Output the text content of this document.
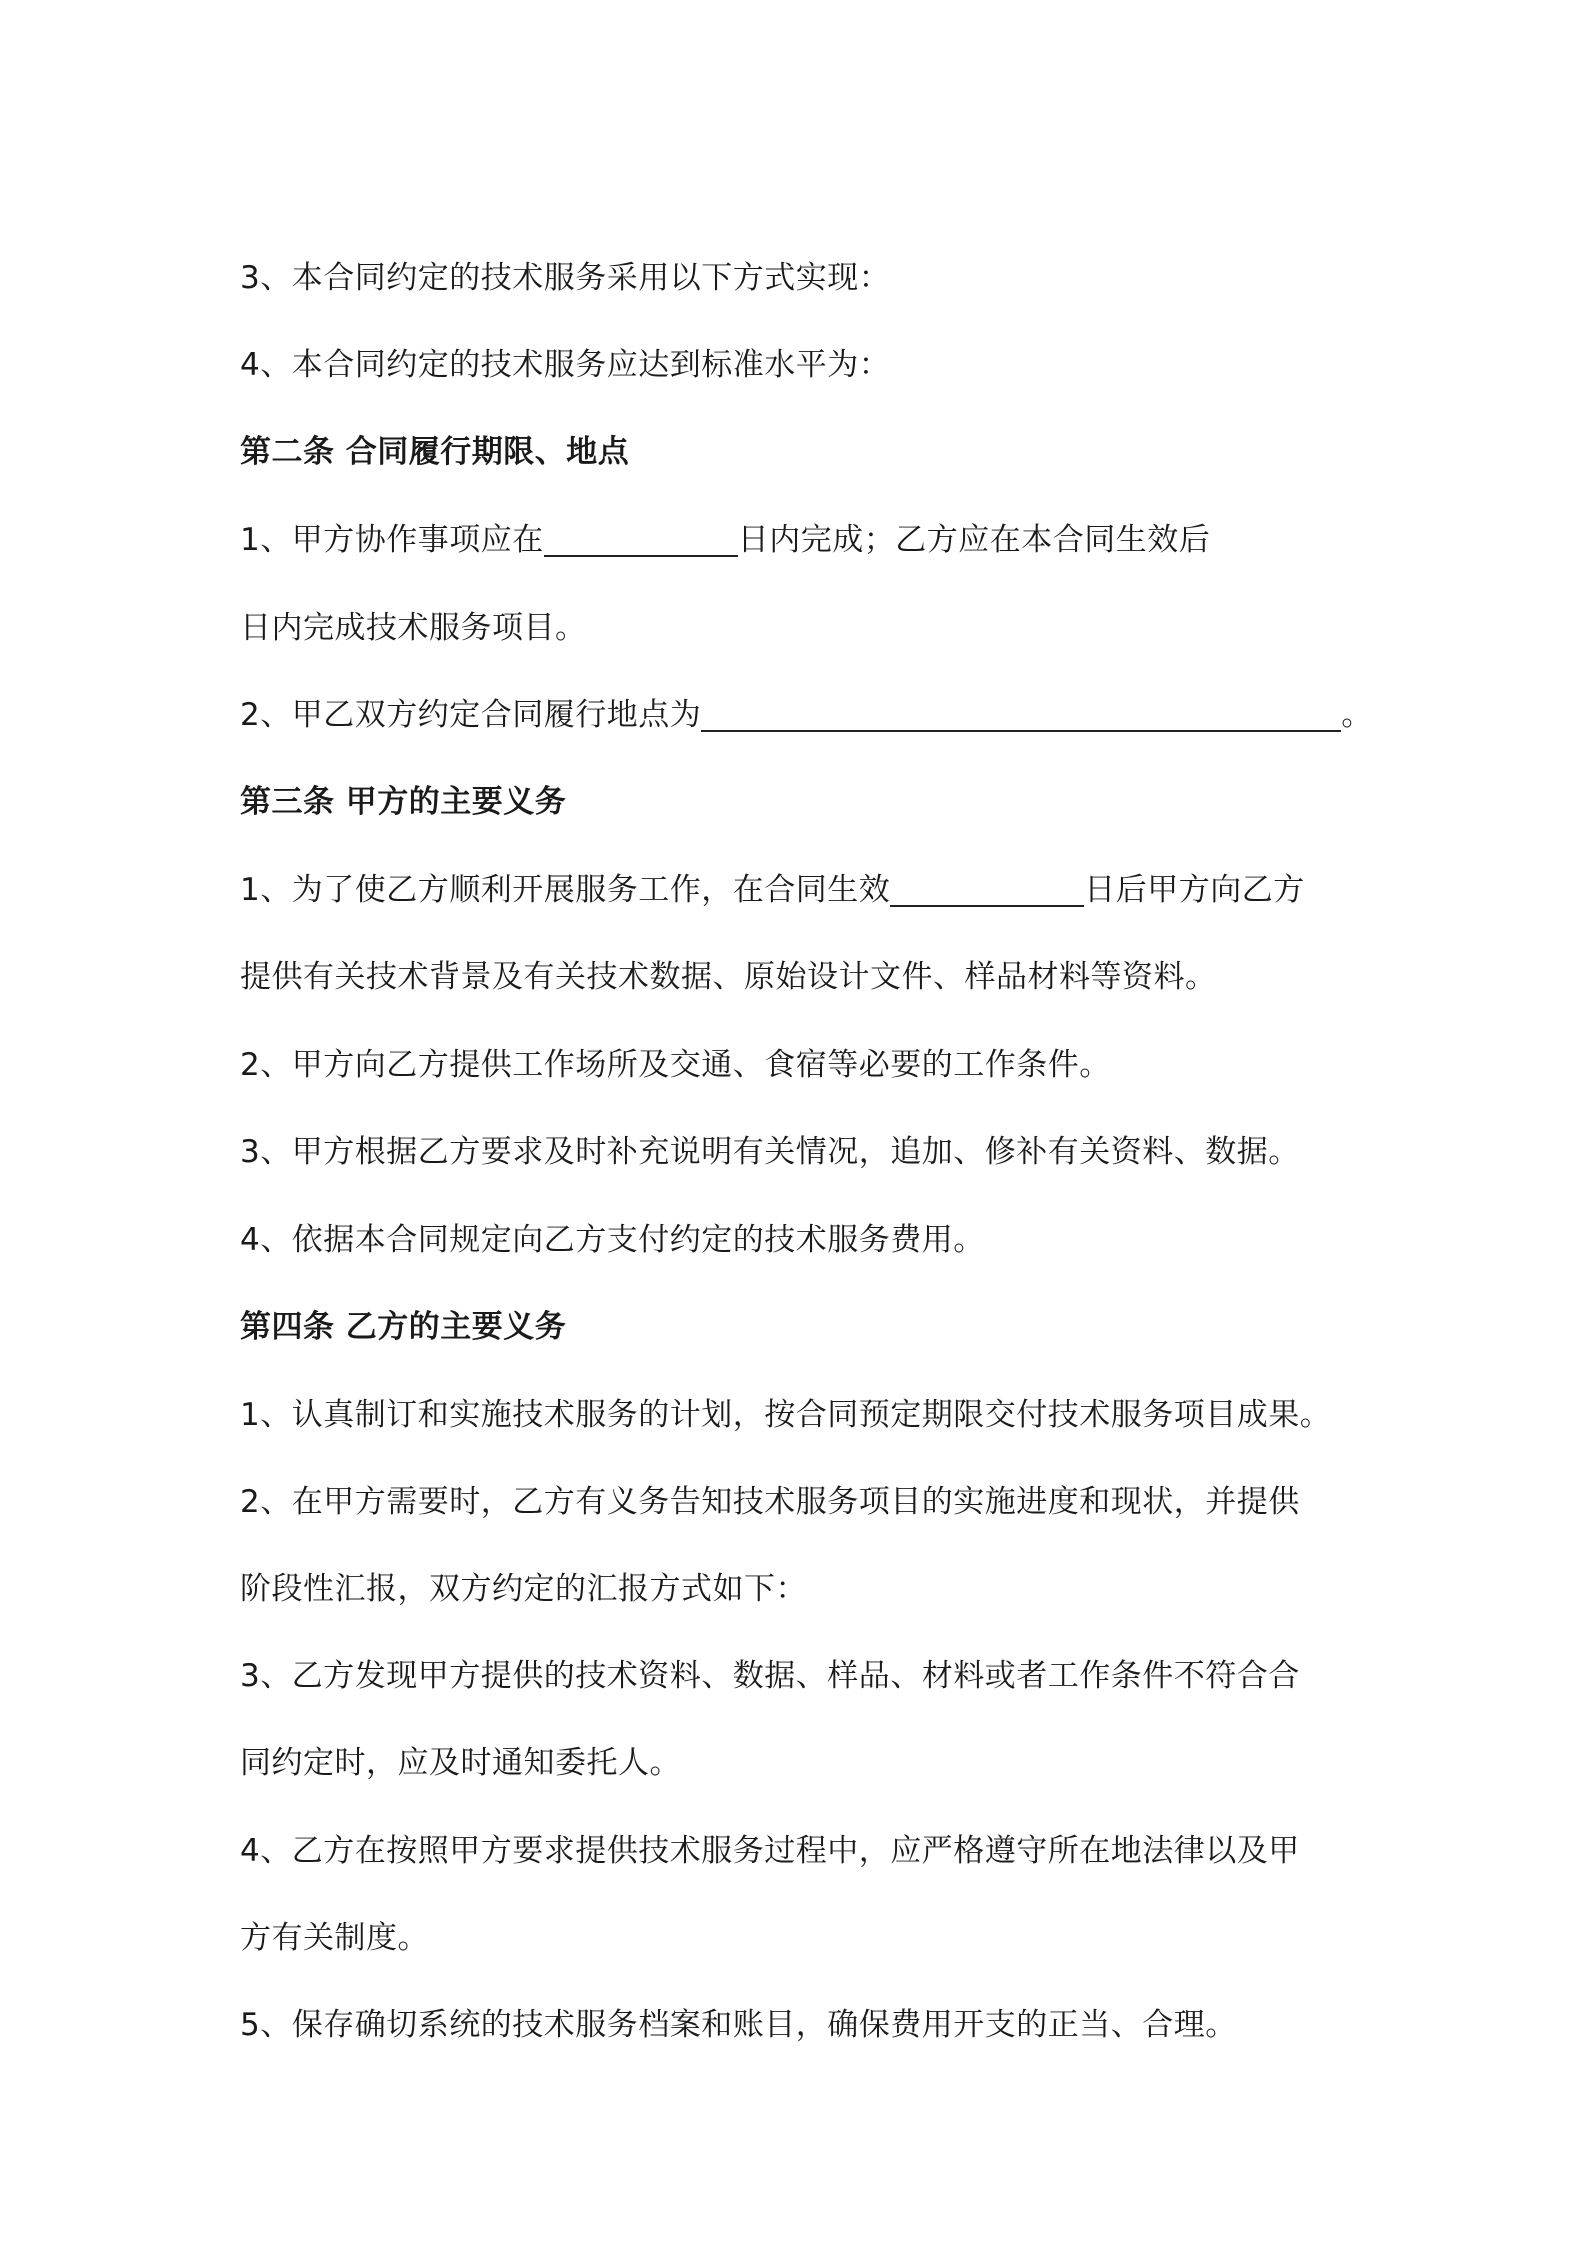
3、本合同约定的技术服务采用以下方式实现：
4、本合同约定的技术服务应达到标准水平为：
第二条 合同履行期限、地点
1、甲方协作事项应在	日内完成；乙方应在本合同生效后
日内完成技术服务项目。
2、甲乙双方约定合同履行地点为	。
第三条 甲方的主要义务
1、为了使乙方顺利开展服务工作，在合同生效	日后甲方向乙方
提供有关技术背景及有关技术数据、原始设计文件、样品材料等资料。
2、甲方向乙方提供工作场所及交通、食宿等必要的工作条件。
3、甲方根据乙方要求及时补充说明有关情况，追加、修补有关资料、数据。
4、依据本合同规定向乙方支付约定的技术服务费用。
第四条 乙方的主要义务
1、认真制订和实施技术服务的计划，按合同预定期限交付技术服务项目成果。
2、在甲方需要时，乙方有义务告知技术服务项目的实施进度和现状，并提供
阶段性汇报，双方约定的汇报方式如下：
3、乙方发现甲方提供的技术资料、数据、样品、材料或者工作条件不符合合
同约定时，应及时通知委托人。
4、乙方在按照甲方要求提供技术服务过程中，应严格遵守所在地法律以及甲
方有关制度。
5、保存确切系统的技术服务档案和账目，确保费用开支的正当、合理。
